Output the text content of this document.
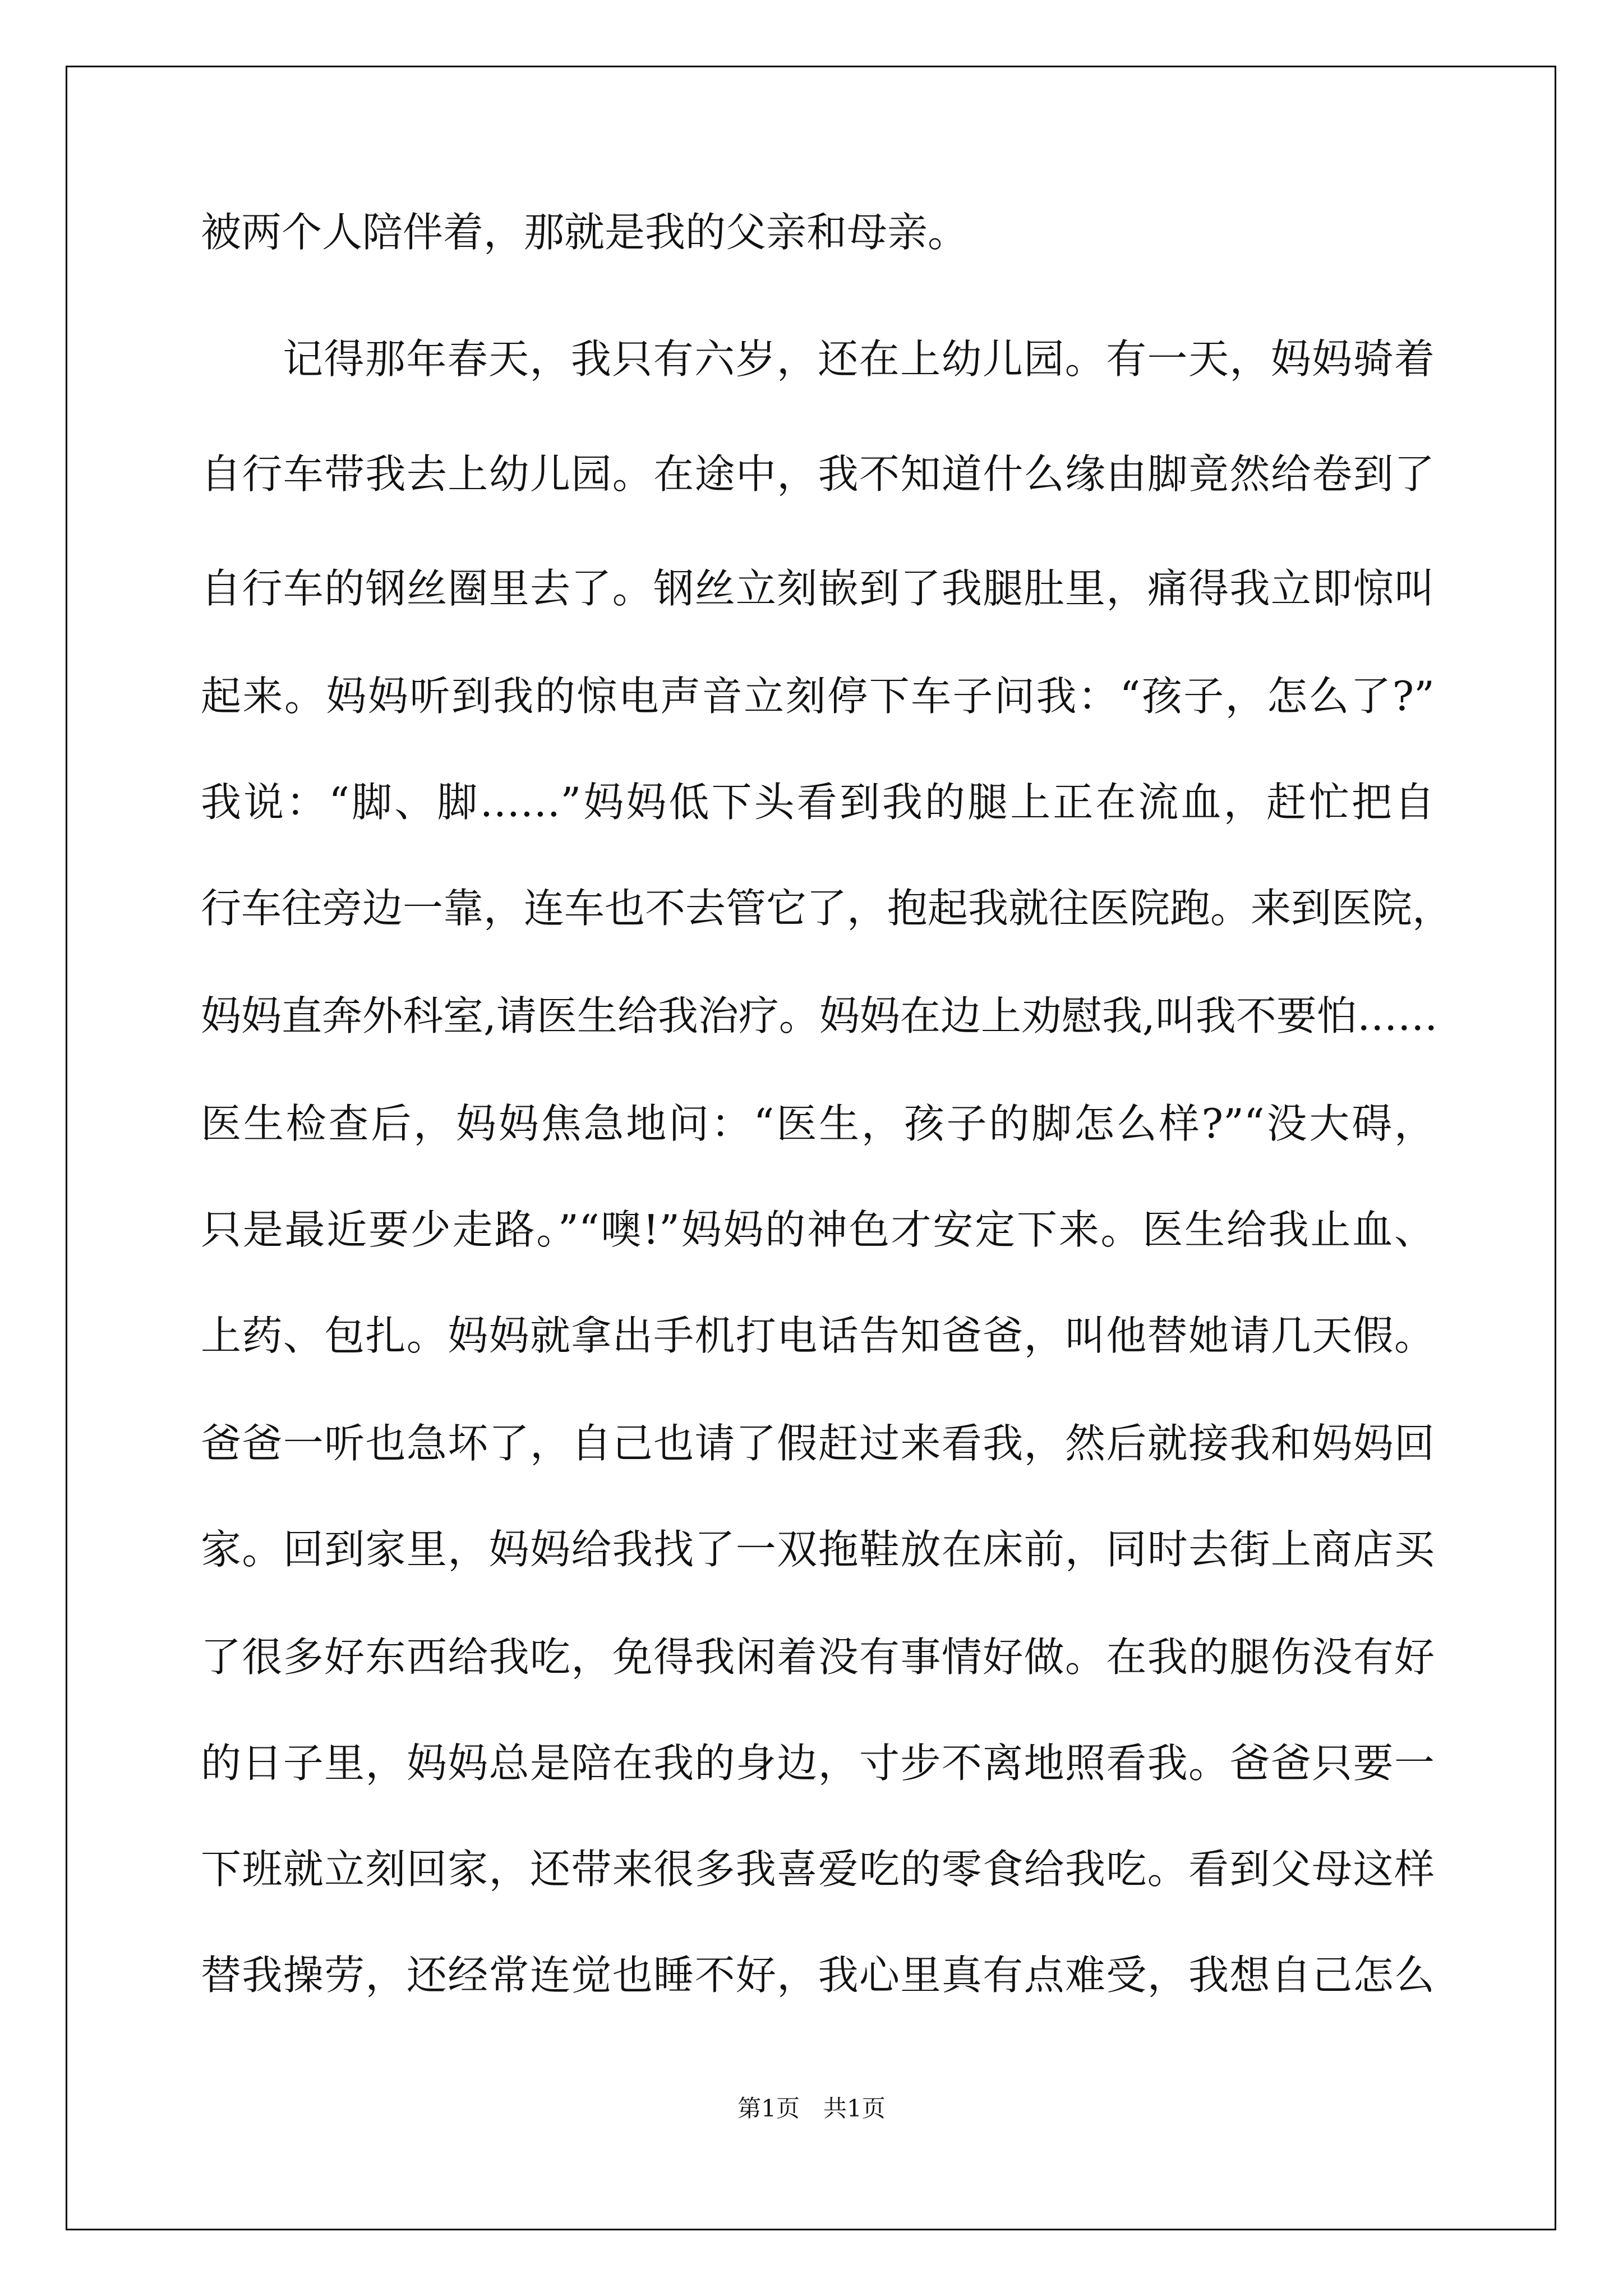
被两个人陪伴着，那就是我的父亲和母亲。
记得那年春天，我只有六岁，还在上幼儿园。有一天，妈妈骑着
自行车带我去上幼儿园。在途中，我不知道什么缘由脚竟然给卷到了
自行车的钢丝圈里去了。钢丝立刻嵌到了我腿肚里，痛得我立即惊叫
起来。妈妈听到我的惊电声音立刻停下车子问我：“孩子，怎么了?”
我说：“脚、脚……”妈妈低下头看到我的腿上正在流血，赶忙把自
行车往旁边一靠，连车也不去管它了，抱起我就往医院跑。来到医院，
妈妈直奔外科室,请医生给我治疗。妈妈在边上劝慰我,叫我不要怕……
医生检查后，妈妈焦急地问：“医生，孩子的脚怎么样?”“没大碍，
只是最近要少走路。”“噢!”妈妈的神色才安定下来。医生给我止血、
上药、包扎。妈妈就拿出手机打电话告知爸爸，叫他替她请几天假。
爸爸一听也急坏了，自己也请了假赶过来看我，然后就接我和妈妈回
家。回到家里，妈妈给我找了一双拖鞋放在床前，同时去街上商店买
了很多好东西给我吃，免得我闲着没有事情好做。在我的腿伤没有好
的日子里，妈妈总是陪在我的身边，寸步不离地照看我。爸爸只要一
下班就立刻回家，还带来很多我喜爱吃的零食给我吃。看到父母这样
替我操劳，还经常连觉也睡不好，我心里真有点难受，我想自己怎么
第1页　共1页
